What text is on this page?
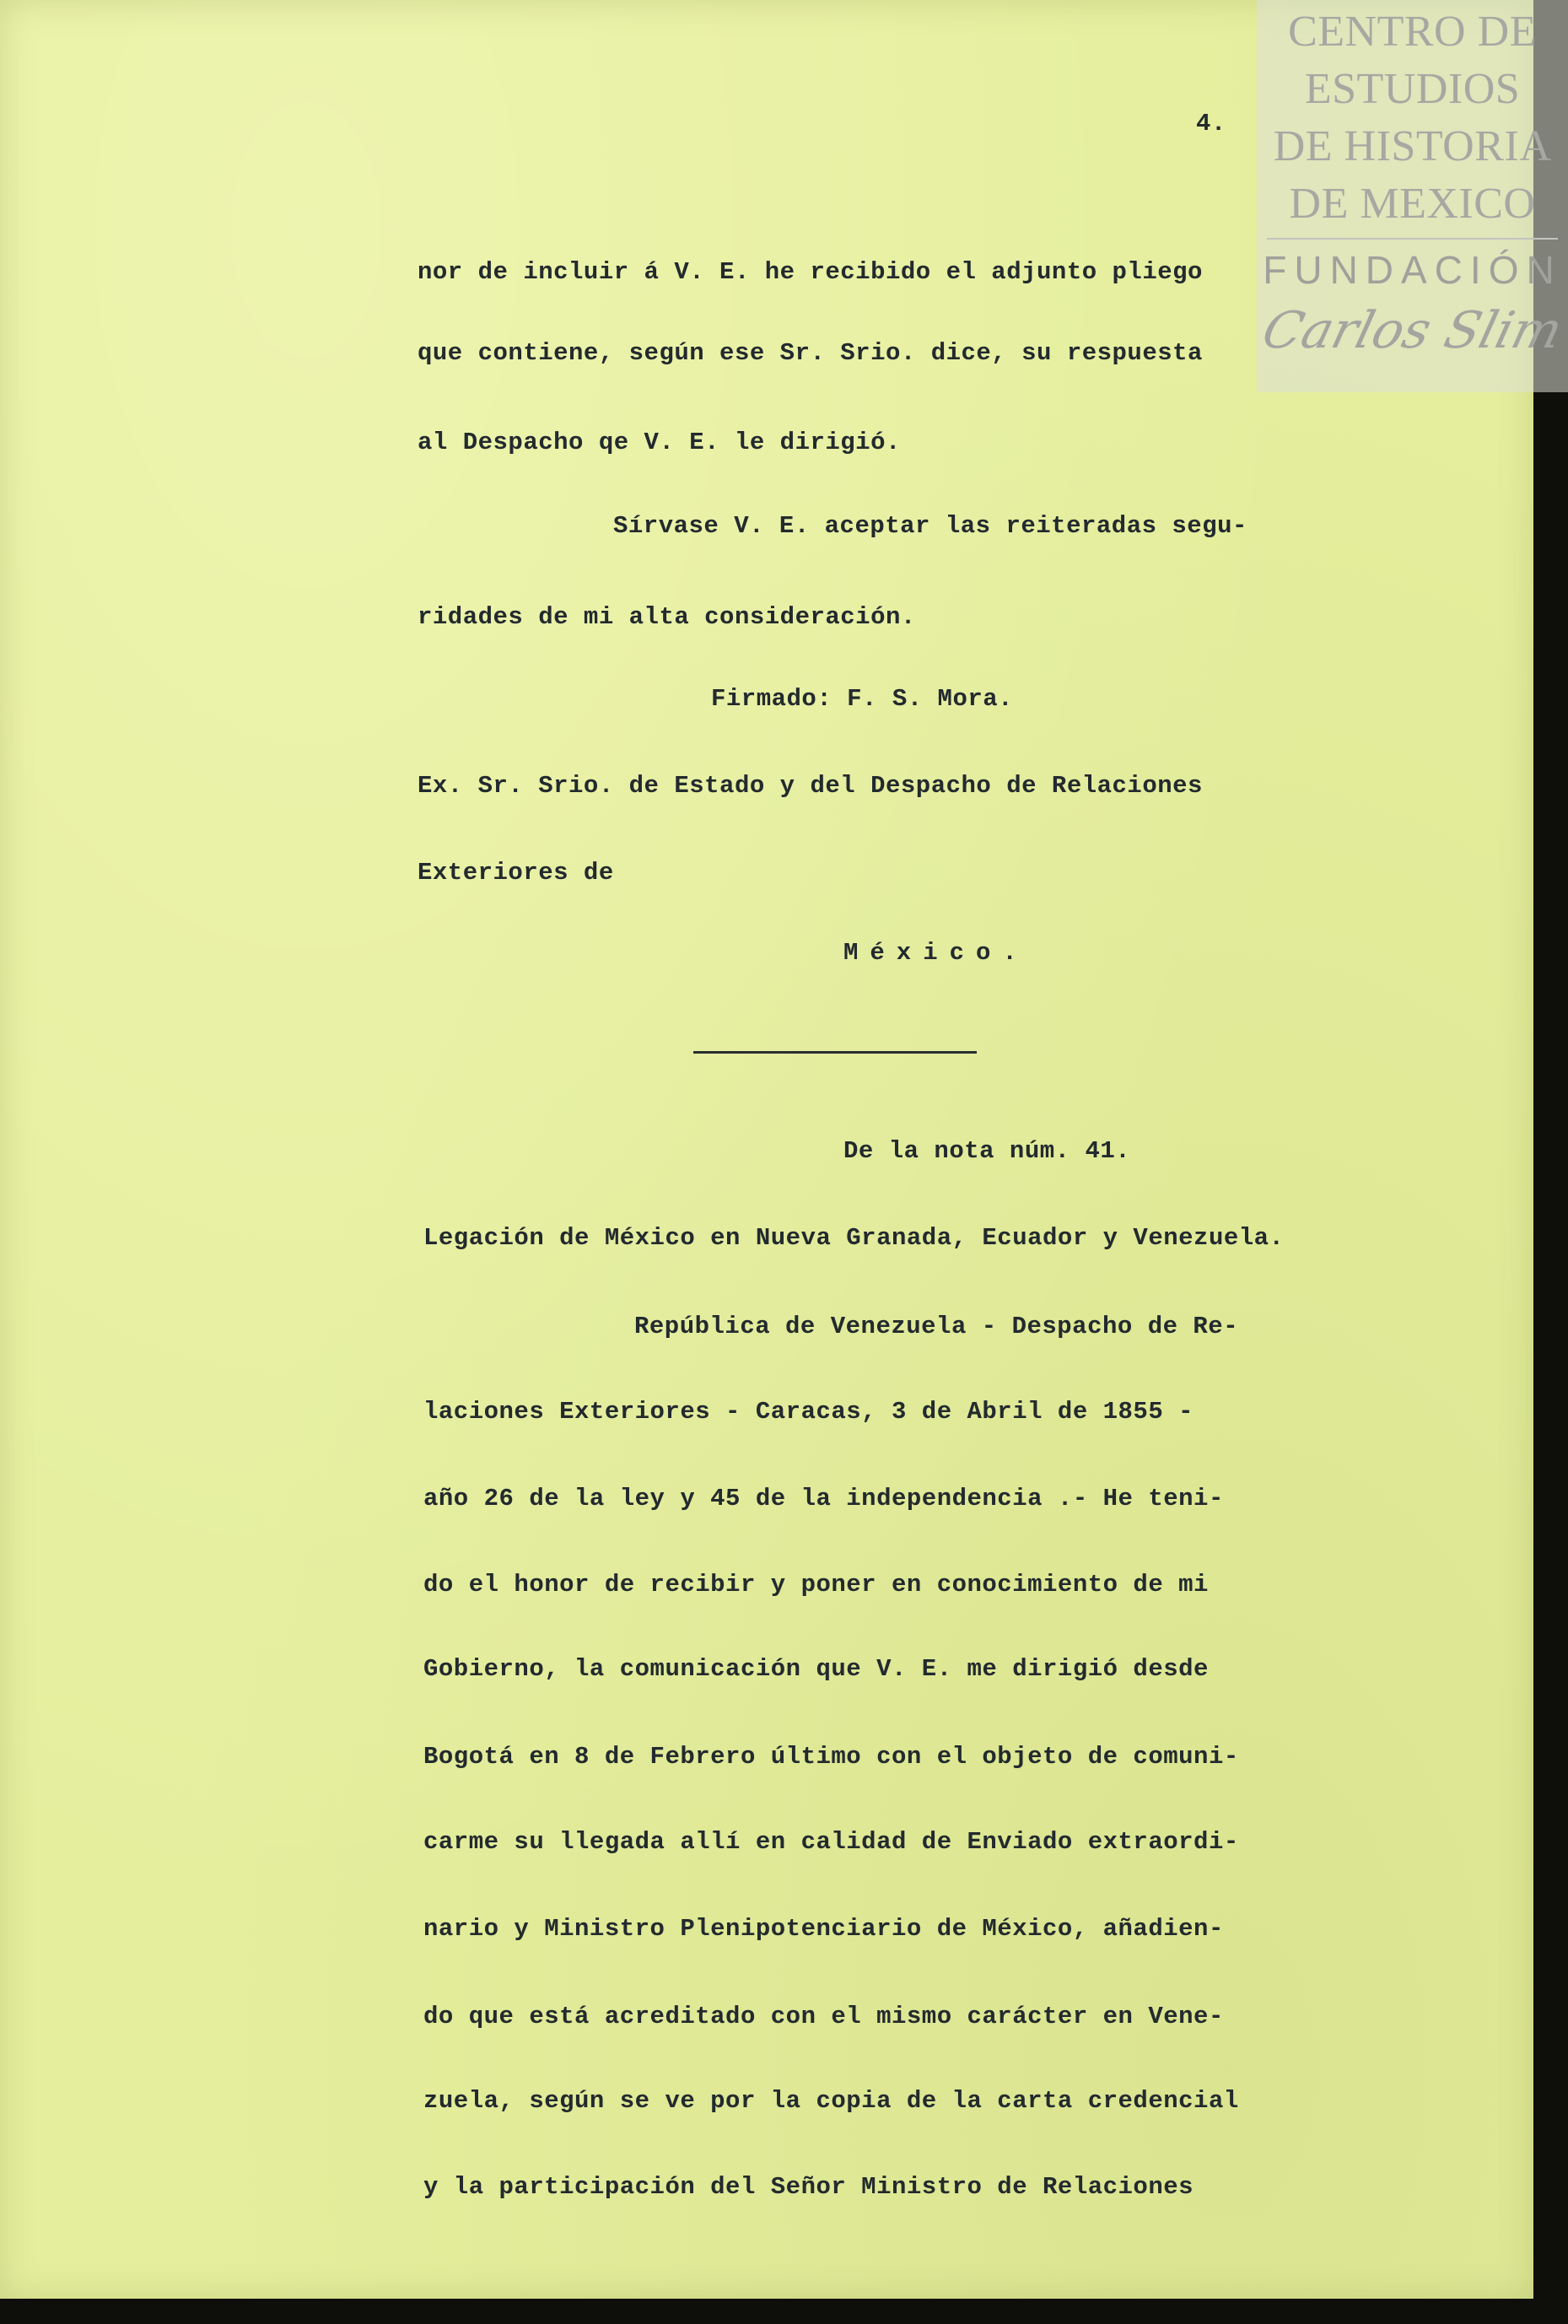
4.
nor de incluir á V. E. he recibido el adjunto pliego
que contiene, según ese Sr. Srio. dice, su respuesta
al Despacho qe V. E. le dirigió.
Sírvase V. E. aceptar las reiteradas segu-
ridades de mi alta consideración.
Firmado: F. S. Mora.
Ex. Sr. Srio. de Estado y del Despacho de Relaciones
Exteriores de
México.
De la nota núm. 41.
Legación de México en Nueva Granada, Ecuador y Venezuela.
República de Venezuela - Despacho de Re-
laciones Exteriores - Caracas, 3 de Abril de 1855 -
año 26 de la ley y 45 de la independencia .- He teni-
do el honor de recibir y poner en conocimiento de mi
Gobierno, la comunicación que V. E. me dirigió desde
Bogotá en 8 de Febrero último con el objeto de comuni-
carme su llegada allí en calidad de Enviado extraordi-
nario y Ministro Plenipotenciario de México, añadien-
do que está acreditado con el mismo carácter en Vene-
zuela, según se ve por la copia de la carta credencial
y la participación del Señor Ministro de Relaciones
CENTRO DE
ESTUDIOS
DE HISTORIA
DE MEXICO
FUNDACIÓN
Carlos Slim
